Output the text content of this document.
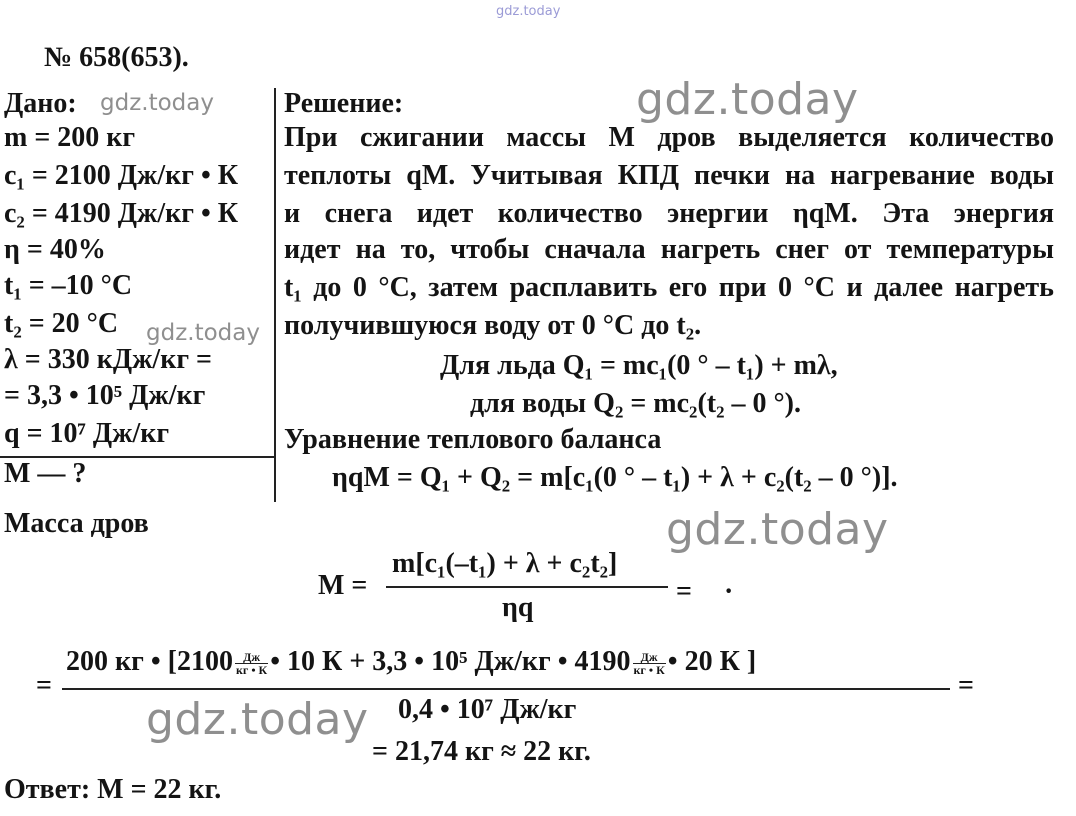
gdz.today
№ 658(653).
Дано: gdz.today
m = 200 кг
c₁ = 2100 Дж/кг • К
c₂ = 4190 Дж/кг • К
η = 40%
t₁ = –10 °С
t₂ = 20 °С gdz.today
λ = 330 кДж/кг =
= 3,3 • 10⁵ Дж/кг
q = 10⁷ Дж/кг
M — ?
Решение:	gdz.today
При сжигании массы M дров выделяется количество
теплоты qM. Учитывая КПД печки на нагревание воды
и снега идет количество энергии ηqM. Эта энергия
идет на то, чтобы сначала нагреть снег от температуры
t₁ до 0 °С, затем расплавить его при 0 °С и далее нагреть
получившуюся воду от 0 °С до t₂.
Для льда Q₁ = mc₁(0 ° – t₁) + mλ,
для воды Q₂ = mc₂(t₂ – 0 °).
Уравнение теплового баланса
ηqM = Q₁ + Q₂ = m[c₁(0 ° – t₁) + λ + c₂(t₂ – 0 °)].
Масса дров	gdz.today
M =
m[c₁(–t₁) + λ + c₂t₂]
ηq
= ·
=
200 кг • [$2100 \frac{Дж}{кг • К}$ • 10 К + 3,3 • 10⁵ Дж/кг • $4190 \frac{Дж}{кг • К}$ • 20 К ]
0,4 • 10⁷ Дж/кг
=
gdz.today
= 21,74 кг ≈ 22 кг.
Ответ: M = 22 кг.
